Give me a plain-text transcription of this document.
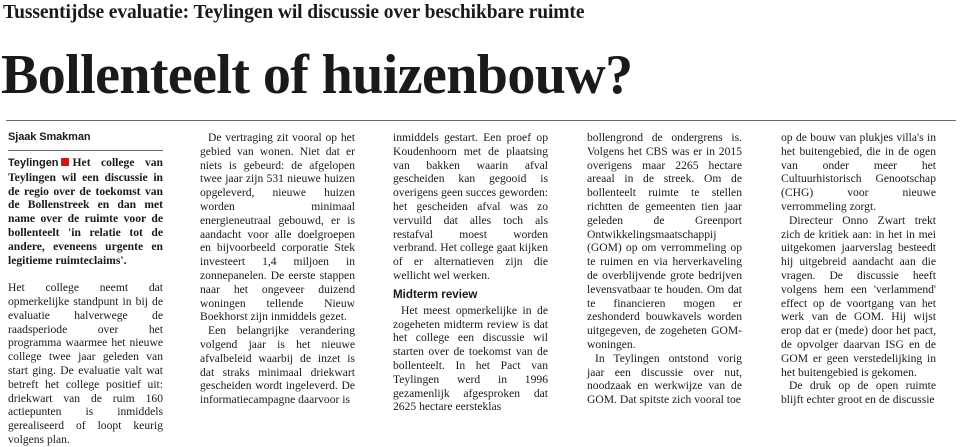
Tussentijdse evaluatie: Teylingen wil discussie over beschikbare ruimte
Bollenteelt of huizenbouw?
Sjaak Smakman

Teylingen Het college van Teylingen wil een discussie in de regio over de toekomst van de Bollenstreek en dan met name over de ruimte voor de bollenteelt 'in relatie tot de andere, eveneens urgente en legitieme ruimteclaims'.

Het college neemt dat opmerkelijke standpunt in bij de evaluatie halverwege de raadsperiode over het programma waarmee het nieuwe college twee jaar geleden van start ging. De evaluatie valt wat betreft het college positief uit: driekwart van de ruim 160 actiepunten is inmiddels gerealiseerd of loopt keurig volgens plan.

De vertraging zit vooral op het gebied van wonen. Niet dat er niets is gebeurd: de afgelopen twee jaar zijn 531 nieuwe huizen opgeleverd, nieuwe huizen worden minimaal energieneutraal gebouwd, er is aandacht voor alle doelgroepen en bijvoorbeeld corporatie Stek investeert 1,4 miljoen in zonnepanelen. De eerste stappen naar het ongeveer duizend woningen tellende Nieuw Boekhorst zijn inmiddels gezet.

Een belangrijke verandering volgend jaar is het nieuwe afvalbeleid waarbij de inzet is dat straks minimaal driekwart gescheiden wordt ingeleverd. De informatiecampagne daarvoor is

inmiddels gestart. Een proef op Koudenhoorn met de plaatsing van bakken waarin afval gescheiden kan gegooid is overigens geen succes geworden: het gescheiden afval was zo vervuild dat alles toch als restafval moest worden verbrand. Het college gaat kijken of er alternatieven zijn die wellicht wel werken.

Midterm review

Het meest opmerkelijke in de zogeheten midterm review is dat het college een discussie wil starten over de toekomst van de bollenteelt. In het Pact van Teylingen werd in 1996 gezamenlijk afgesproken dat 2625 hectare eersteklas

bollengrond de ondergrens is. Volgens het CBS was er in 2015 overigens maar 2265 hectare areaal in de streek. Om de bollenteelt ruimte te stellen richtten de gemeenten tien jaar geleden de Greenport Ontwikkelingsmaatschappij (GOM) op om verrommeling op te ruimen en via herverkaveling de overblijvende grote bedrijven levensvatbaar te houden. Om dat te financieren mogen er zeshonderd bouwkavels worden uitgegeven, de zogeheten GOM-woningen.

In Teylingen ontstond vorig jaar een discussie over nut, noodzaak en werkwijze van de GOM. Dat spitste zich vooral toe

op de bouw van plukjes villa's in het buitengebied, die in de ogen van onder meer het Cultuurhistorisch Genootschap (CHG) voor nieuwe verrommeling zorgt.

Directeur Onno Zwart trekt zich de kritiek aan: in het in mei uitgekomen jaarverslag besteedt hij uitgebreid aandacht aan die vragen. De discussie heeft volgens hem een 'verlammend' effect op de voortgang van het werk van de GOM. Hij wijst erop dat er (mede) door het pact, de opvolger daarvan ISG en de GOM er geen verstedelijking in het buitengebied is gekomen.

De druk op de open ruimte blijft echter groot en de discussie
